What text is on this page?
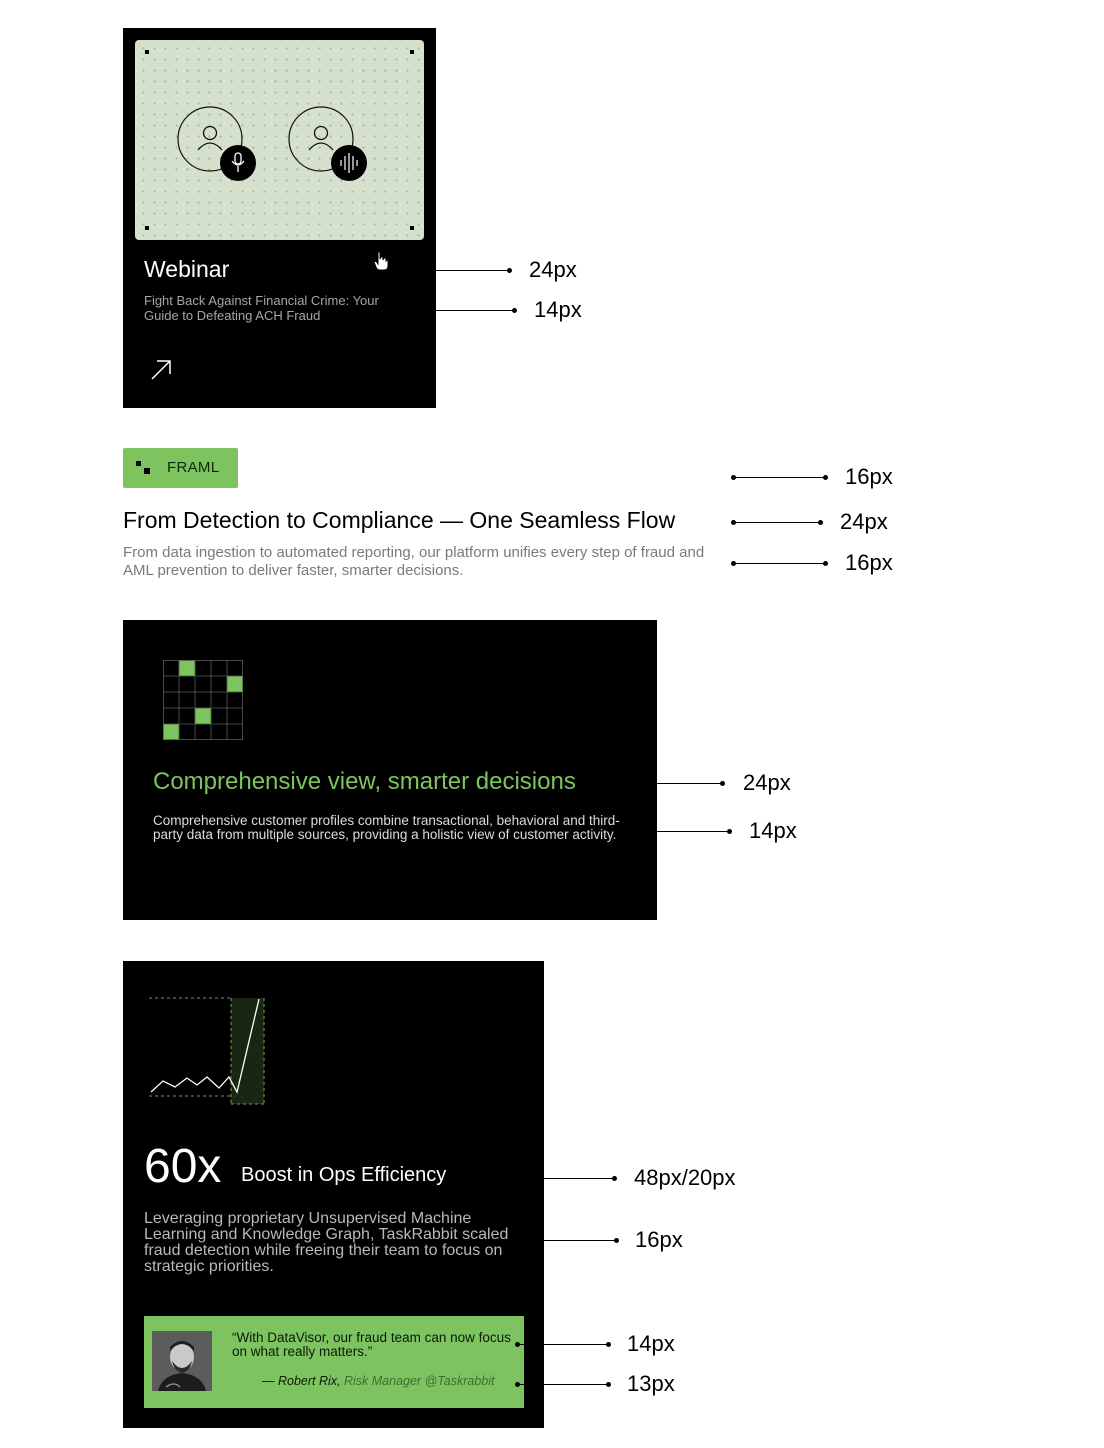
Webinar
Fight Back Against Financial Crime: Your Guide to Defeating ACH Fraud
24px
14px
FRAML
From Detection to Compliance — One Seamless Flow
From data ingestion to automated reporting, our platform unifies every step of fraud and AML prevention to deliver faster, smarter decisions.
16px
24px
16px
Comprehensive view, smarter decisions
Comprehensive customer profiles combine transactional, behavioral and third-party data from multiple sources, providing a holistic view of customer activity.
24px
14px
60x Boost in Ops Efficiency
Leveraging proprietary Unsupervised Machine Learning and Knowledge Graph, TaskRabbit scaled fraud detection while freeing their team to focus on strategic priorities.
“With DataVisor, our fraud team can now focus on what really matters.”
— Robert Rix, Risk Manager @Taskrabbit
48px/20px
16px
14px
13px
